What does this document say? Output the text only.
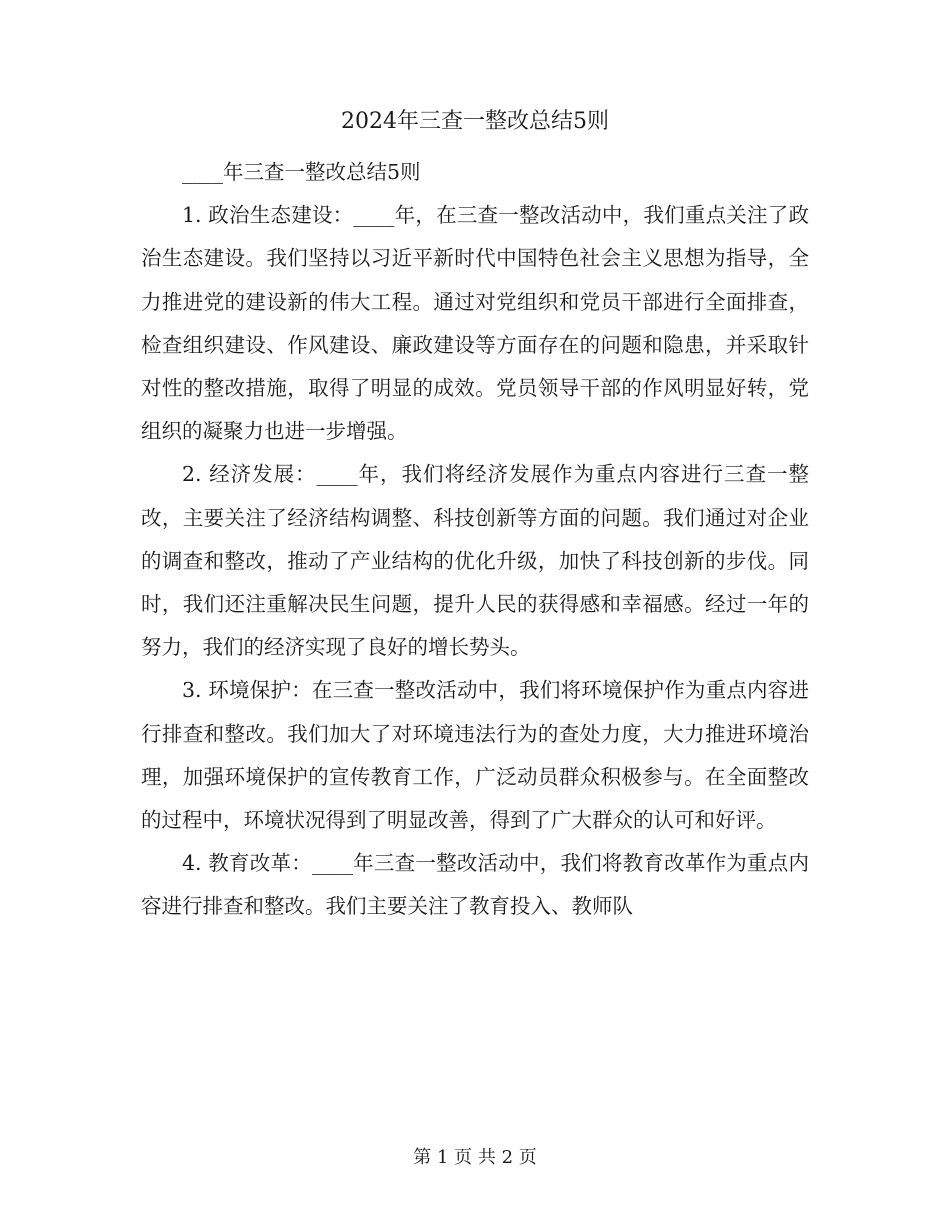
2024年三查一整改总结5则

____年三查一整改总结5则

1. 政治生态建设：____年，在三查一整改活动中，我们重点关注了政治生态建设。我们坚持以习近平新时代中国特色社会主义思想为指导，全力推进党的建设新的伟大工程。通过对党组织和党员干部进行全面排查，检查组织建设、作风建设、廉政建设等方面存在的问题和隐患，并采取针对性的整改措施，取得了明显的成效。党员领导干部的作风明显好转，党组织的凝聚力也进一步增强。

2. 经济发展：____年，我们将经济发展作为重点内容进行三查一整改，主要关注了经济结构调整、科技创新等方面的问题。我们通过对企业的调查和整改，推动了产业结构的优化升级，加快了科技创新的步伐。同时，我们还注重解决民生问题，提升人民的获得感和幸福感。经过一年的努力，我们的经济实现了良好的增长势头。

3. 环境保护：在三查一整改活动中，我们将环境保护作为重点内容进行排查和整改。我们加大了对环境违法行为的查处力度，大力推进环境治理，加强环境保护的宣传教育工作，广泛动员群众积极参与。在全面整改的过程中，环境状况得到了明显改善，得到了广大群众的认可和好评。

4. 教育改革：____年三查一整改活动中，我们将教育改革作为重点内容进行排查和整改。我们主要关注了教育投入、教师队

第 1 页 共 2 页
